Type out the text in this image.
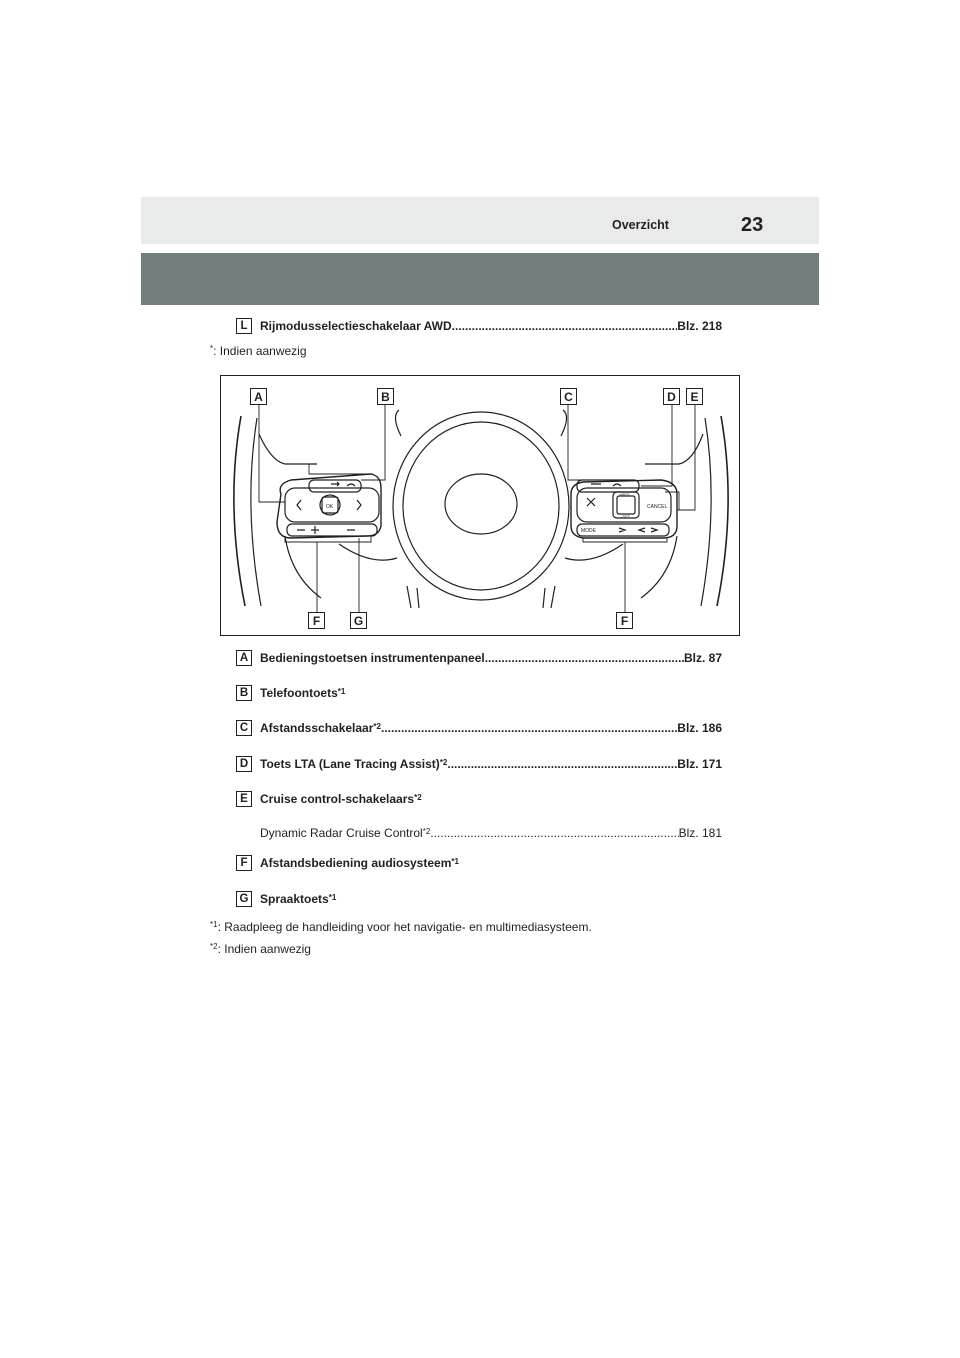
Overzicht	23
L	Rijmodusselectieschakelaar AWD .....	Blz. 218
*: Indien aanwezig
OK
MODE
CANCEL
+RES
-SET
A	B	C	D	E
F	G	F
A Bedieningstoetsen instrumentenpaneel .....	Blz. 87
B Telefoontoets$^{*1}$
C Afstandsschakelaar$^{*2}$ .....	Blz. 186
D Toets LTA (Lane Tracing Assist)$^{*2}$ .....	Blz. 171
E	Cruise control-schakelaars$^{*2}$
Dynamic Radar Cruise Control$^{*2}$ .....	Blz. 181
F	Afstandsbediening audiosysteem$^{*1}$
G Spraaktoets$^{*1}$
$^{*1}$: Raadpleeg de handleiding voor het navigatie- en multimediasysteem.
$^{*2}$: Indien aanwezig
